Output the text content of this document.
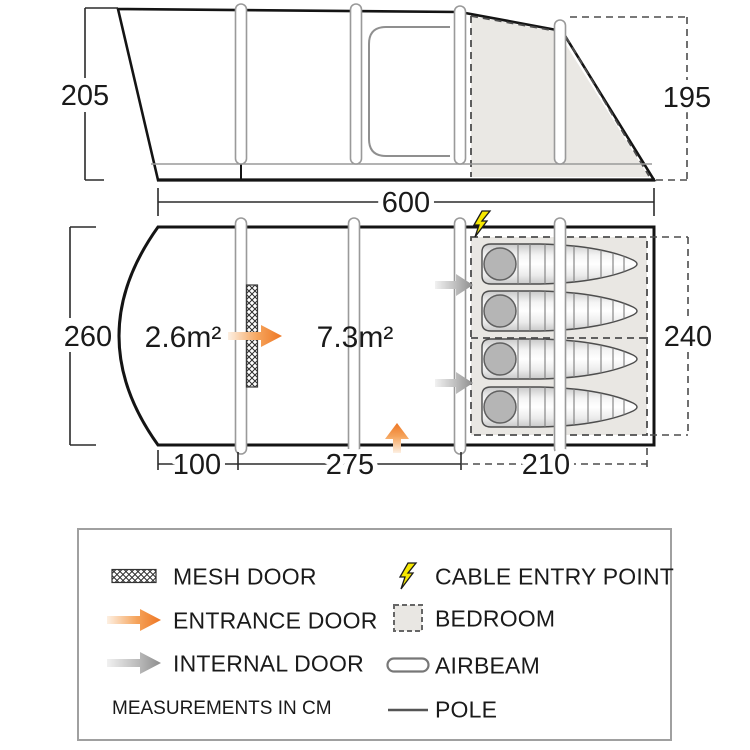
205	195
600
2.6m²	7.3m²
260	240
100	275	210
MESH DOOR
ENTRANCE DOOR
INTERNAL DOOR
MEASUREMENTS IN CM
CABLE ENTRY POINT
BEDROOM
AIRBEAM
POLE
